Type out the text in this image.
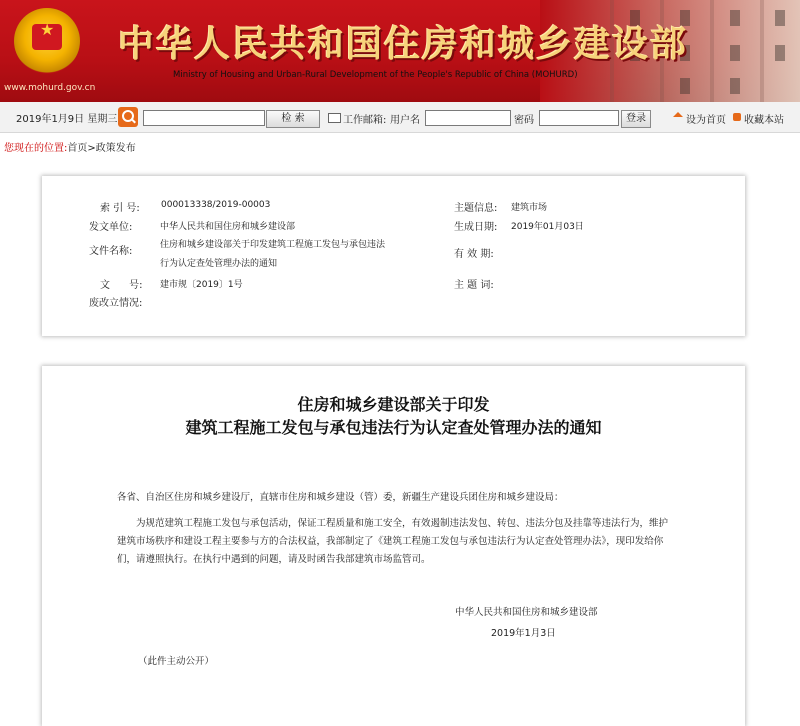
★
www.mohurd.gov.cn
中华人民共和国住房和城乡建设部
Ministry of Housing and Urban-Rural Development of the People's Republic of China (MOHURD)
2019年1月9日 星期三	检 索	工作邮箱: 用户名	密码	登录	设为首页 收藏本站
您现在的位置:首页>政策发布
索 引 号: 000013338/2019-00003	主题信息: 建筑市场
发文单位:	中华人民共和国住房和城乡建设部	生成日期: 2019年01月03日
文件名称:
住房和城乡建设部关于印发建筑工程施工发包与承包违法
行为认定查处管理办法的通知
有 效 期:
文      号: 建市规〔2019〕1号	主 题 词:
废改立情况:
住房和城乡建设部关于印发
建筑工程施工发包与承包违法行为认定查处管理办法的通知
各省、自治区住房和城乡建设厅，直辖市住房和城乡建设（管）委，新疆生产建设兵团住房和城乡建设局：
为规范建筑工程施工发包与承包活动，保证工程质量和施工安全，有效遏制违法发包、转包、违法分包及挂靠等违法行为，维护
建筑市场秩序和建设工程主要参与方的合法权益，我部制定了《建筑工程施工发包与承包违法行为认定查处管理办法》，现印发给你
们，请遵照执行。在执行中遇到的问题，请及时函告我部建筑市场监管司。
中华人民共和国住房和城乡建设部
2019年1月3日
（此件主动公开）
